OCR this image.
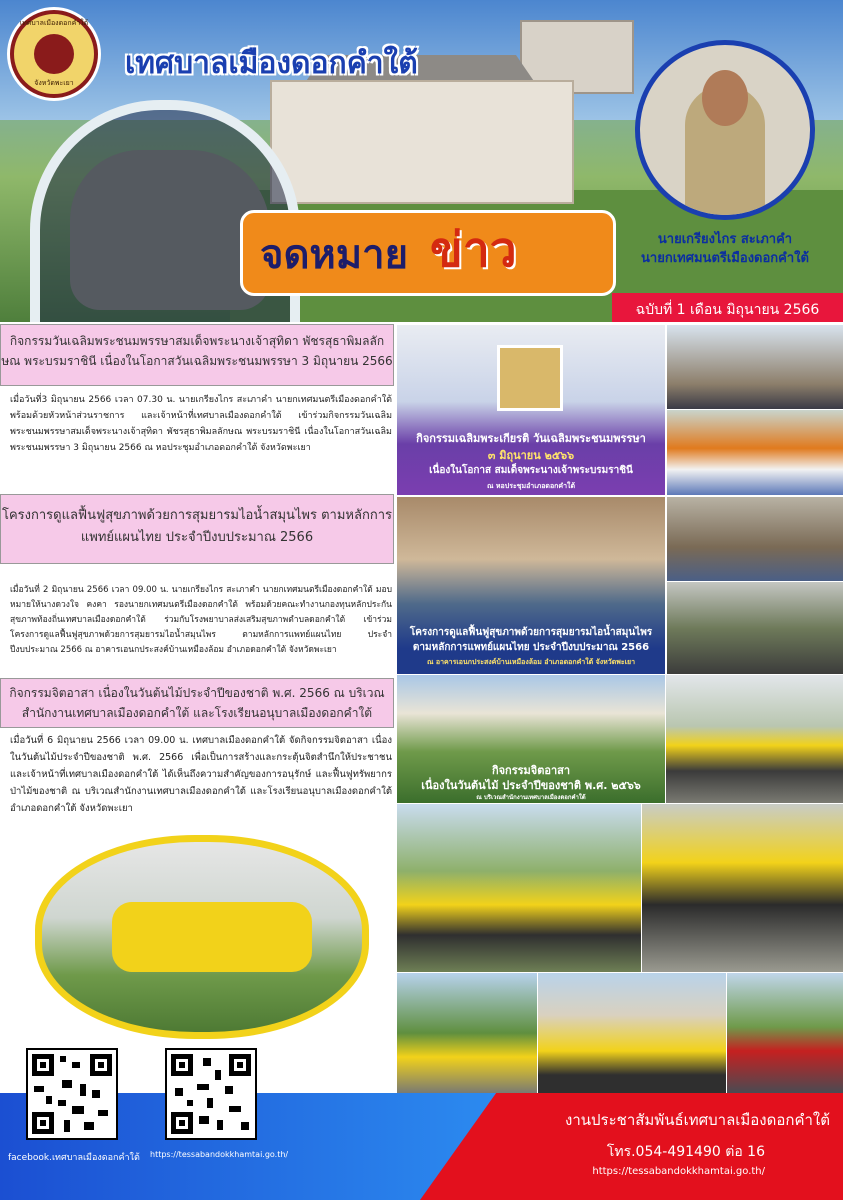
เทศบาลเมืองดอกคำใต้
จังหวัดพะเยา
เทศบาลเมืองดอกคำใต้
นายเกรียงไกร สะเภาคำ
นายกเทศมนตรีเมืองดอกคำใต้
จดหมาย ข่าว
ฉบับที่ 1 เดือน มิถุนายน 2566
กิจกรรมวันเฉลิมพระชนมพรรษาสมเด็จพระนางเจ้าสุทิดา พัชรสุธาพิมลลักษณ พระบรมราชินี เนื่องในโอกาสวันเฉลิมพระชนมพรรษา 3 มิถุนายน 2566
เมื่อวันที่3 มิถุนายน 2566 เวลา 07.30 น. นายเกรียงไกร สะเภาคำ นายกเทศมนตรีเมืองดอกคำใต้ พร้อมด้วยหัวหน้าส่วนราชการ และเจ้าหน้าที่เทศบาลเมืองดอกคำใต้ เข้าร่วมกิจกรรมวันเฉลิมพระชนมพรรษาสมเด็จพระนางเจ้าสุทิดา พัชรสุธาพิมลลักษณ พระบรมราชินี เนื่องในโอกาสวันเฉลิมพระชนมพรรษา 3 มิถุนายน 2566 ณ หอประชุมอำเภอดอกคำใต้ จังหวัดพะเยา
กิจกรรมเฉลิมพระเกียรติ วันเฉลิมพระชนมพรรษา
๓ มิถุนายน ๒๕๖๖
เนื่องในโอกาส สมเด็จพระนางเจ้าพระบรมราชินี
ณ หอประชุมอำเภอดอกคำใต้
โครงการดูแลฟื้นฟูสุขภาพด้วยการสุมยารมไอน้ำสมุนไพร ตามหลักการแพทย์แผนไทย ประจำปีงบประมาณ 2566
เมื่อวันที่ 2 มิถุนายน 2566 เวลา 09.00 น. นายเกรียงไกร สะเภาคำ นายกเทศมนตรีเมืองดอกคำใต้ มอบหมายให้นางดวงใจ คงคา รองนายกเทศมนตรีเมืองดอกคำใต้ พร้อมด้วยคณะทำงานกองทุนหลักประกันสุขภาพท้องถิ่นเทศบาลเมืองดอกคำใต้ ร่วมกับโรงพยาบาลส่งเสริมสุขภาพตำบลดอกคำใต้ เข้าร่วมโครงการดูแลฟื้นฟูสุขภาพด้วยการสุมยารมไอน้ำสมุนไพร ตามหลักการแพทย์แผนไทย ประจำปีงบประมาณ 2566 ณ อาคารเอนกประสงค์บ้านเหมืองล้อม อำเภอดอกคำใต้ จังหวัดพะเยา
โครงการดูแลฟื้นฟูสุขภาพด้วยการสุมยารมไอน้ำสมุนไพร
ตามหลักการแพทย์แผนไทย ประจำปีงบประมาณ 2566
ณ อาคารเอนกประสงค์บ้านเหมืองล้อม อำเภอดอกคำใต้ จังหวัดพะเยา
กิจกรรมจิตอาสา เนื่องในวันต้นไม้ประจำปีของชาติ พ.ศ. 2566 ณ บริเวณสำนักงานเทศบาลเมืองดอกคำใต้ และโรงเรียนอนุบาลเมืองดอกคำใต้
เมื่อวันที่ 6 มิถุนายน 2566 เวลา 09.00 น. เทศบาลเมืองดอกคำใต้ จัดกิจกรรมจิตอาสา เนื่องในวันต้นไม้ประจำปีของชาติ พ.ศ. 2566 เพื่อเป็นการสร้างและกระตุ้นจิตสำนึกให้ประชาชน และเจ้าหน้าที่เทศบาลเมืองดอกคำใต้ ได้เห็นถึงความสำคัญของการอนุรักษ์ และฟื้นฟูทรัพยากรป่าไม้ของชาติ ณ บริเวณสำนักงานเทศบาลเมืองดอกคำใต้ และโรงเรียนอนุบาลเมืองดอกคำใต้ อำเภอดอกคำใต้ จังหวัดพะเยา
กิจกรรมจิตอาสา
เนื่องในวันต้นไม้ ประจำปีของชาติ พ.ศ. ๒๕๖๖
ณ บริเวณสำนักงานเทศบาลเมืองดอกคำใต้
facebook.เทศบาลเมืองดอกคำใต้ https://tessabandokkhamtai.go.th/
งานประชาสัมพันธ์เทศบาลเมืองดอกคำใต้
โทร.054-491490 ต่อ 16
https://tessabandokkhamtai.go.th/
